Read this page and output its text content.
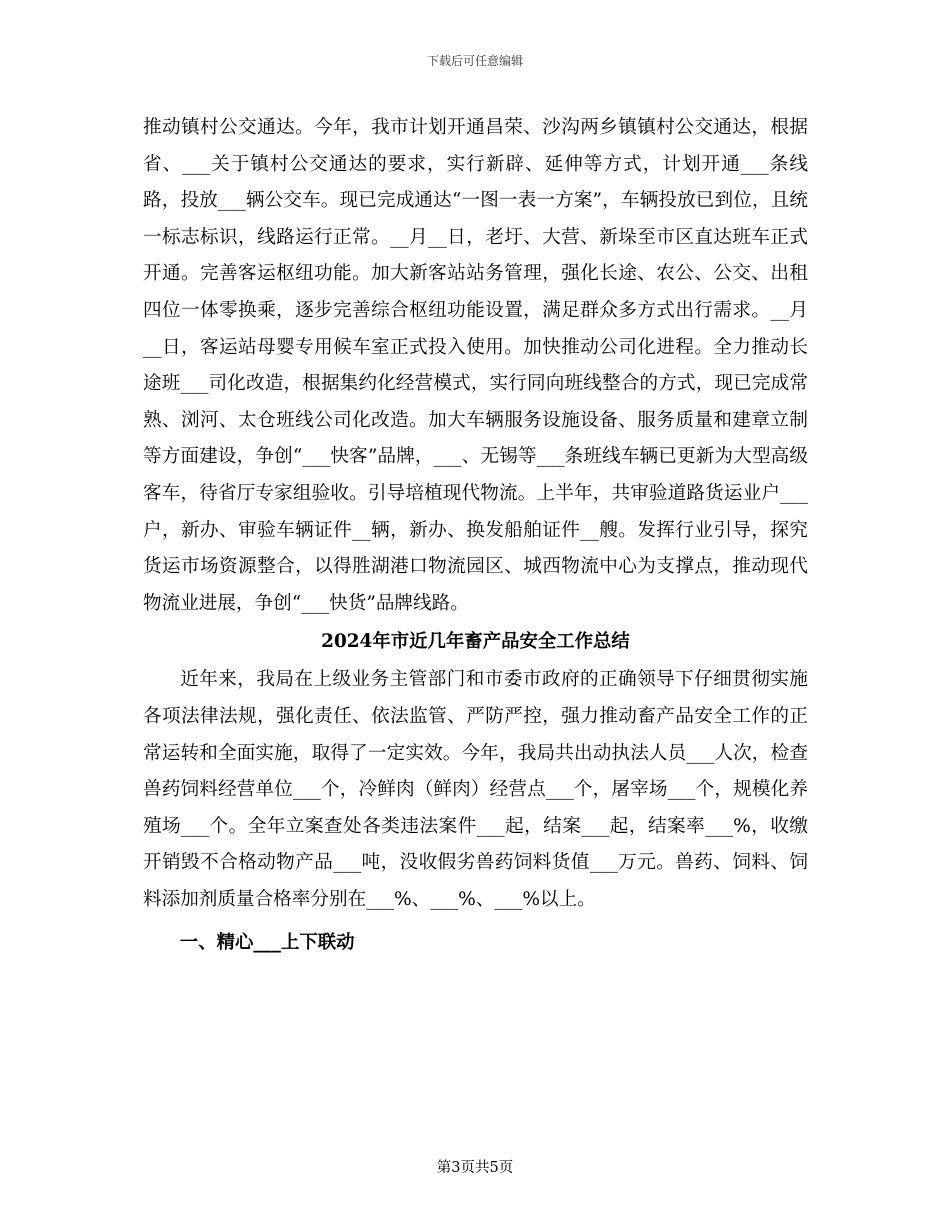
下载后可任意编辑

推动镇村公交通达。今年，我市计划开通昌荣、沙沟两乡镇镇村公交通达，根据省、___关于镇村公交通达的要求，实行新辟、延伸等方式，计划开通___条线路，投放___辆公交车。现已完成通达“一图一表一方案”，车辆投放已到位，且统一标志标识，线路运行正常。__月__日，老圩、大营、新垛至市区直达班车正式开通。完善客运枢纽功能。加大新客站站务管理，强化长途、农公、公交、出租四位一体零换乘，逐步完善综合枢纽功能设置，满足群众多方式出行需求。__月__日，客运站母婴专用候车室正式投入使用。加快推动公司化进程。全力推动长途班___司化改造，根据集约化经营模式，实行同向班线整合的方式，现已完成常熟、浏河、太仓班线公司化改造。加大车辆服务设施设备、服务质量和建章立制等方面建设，争创“___快客”品牌，___、无锡等___条班线车辆已更新为大型高级客车，待省厅专家组验收。引导培植现代物流。上半年，共审验道路货运业户___户，新办、审验车辆证件__辆，新办、换发船舶证件__艘。发挥行业引导，探究货运市场资源整合，以得胜湖港口物流园区、城西物流中心为支撑点，推动现代物流业进展，争创“___快货”品牌线路。

2024年市近几年畜产品安全工作总结

近年来，我局在上级业务主管部门和市委市政府的正确领导下仔细贯彻实施各项法律法规，强化责任、依法监管、严防严控，强力推动畜产品安全工作的正常运转和全面实施，取得了一定实效。今年，我局共出动执法人员___人次，检查兽药饲料经营单位___个，冷鲜肉（鲜肉）经营点___个，屠宰场___个，规模化养殖场___个。全年立案查处各类违法案件___起，结案___起，结案率___%，收缴开销毁不合格动物产品___吨，没收假劣兽药饲料货值___万元。兽药、饲料、饲料添加剂质量合格率分别在___%、___%、___%以上。

一、精心___上下联动

第3页共5页
